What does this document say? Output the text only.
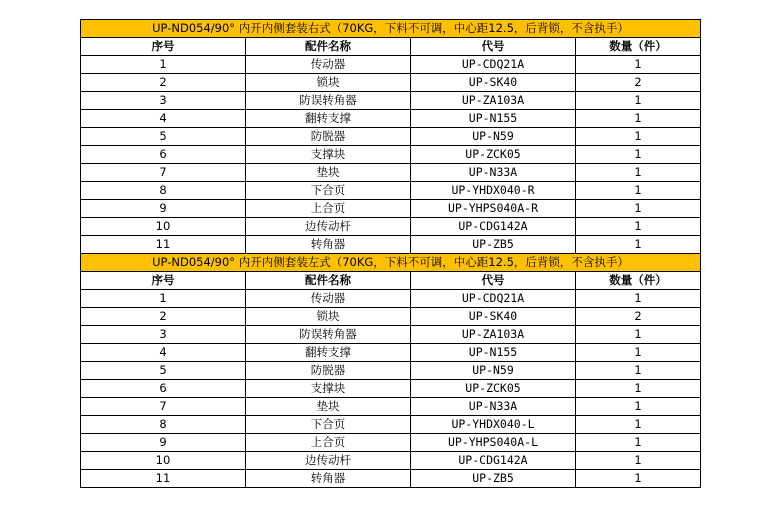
UP-ND054/90° 内开内侧套装右式（70KG，下料不可调，中心距12.5，后背锁，不含执手）			
序号	配件名称	代号	数量（件）
1	传动器	UP-CDQ21A	1
2	锁块	UP-SK40	2
3	防误转角器	UP-ZA103A	1
4	翻转支撑	UP-N155	1
5	防脱器	UP-N59	1
6	支撑块	UP-ZCK05	1
7	垫块	UP-N33A	1
8	下合页	UP-YHDX040-R	1
9	上合页	UP-YHPS040A-R	1
10	边传动杆	UP-CDG142A	1
11	转角器	UP-ZB5	1
UP-ND054/90° 内开内侧套装左式（70KG，下料不可调，中心距12.5，后背锁，不含执手）			
序号	配件名称	代号	数量（件）
1	传动器	UP-CDQ21A	1
2	锁块	UP-SK40	2
3	防误转角器	UP-ZA103A	1
4	翻转支撑	UP-N155	1
5	防脱器	UP-N59	1
6	支撑块	UP-ZCK05	1
7	垫块	UP-N33A	1
8	下合页	UP-YHDX040-L	1
9	上合页	UP-YHPS040A-L	1
10	边传动杆	UP-CDG142A	1
11	转角器	UP-ZB5	1
